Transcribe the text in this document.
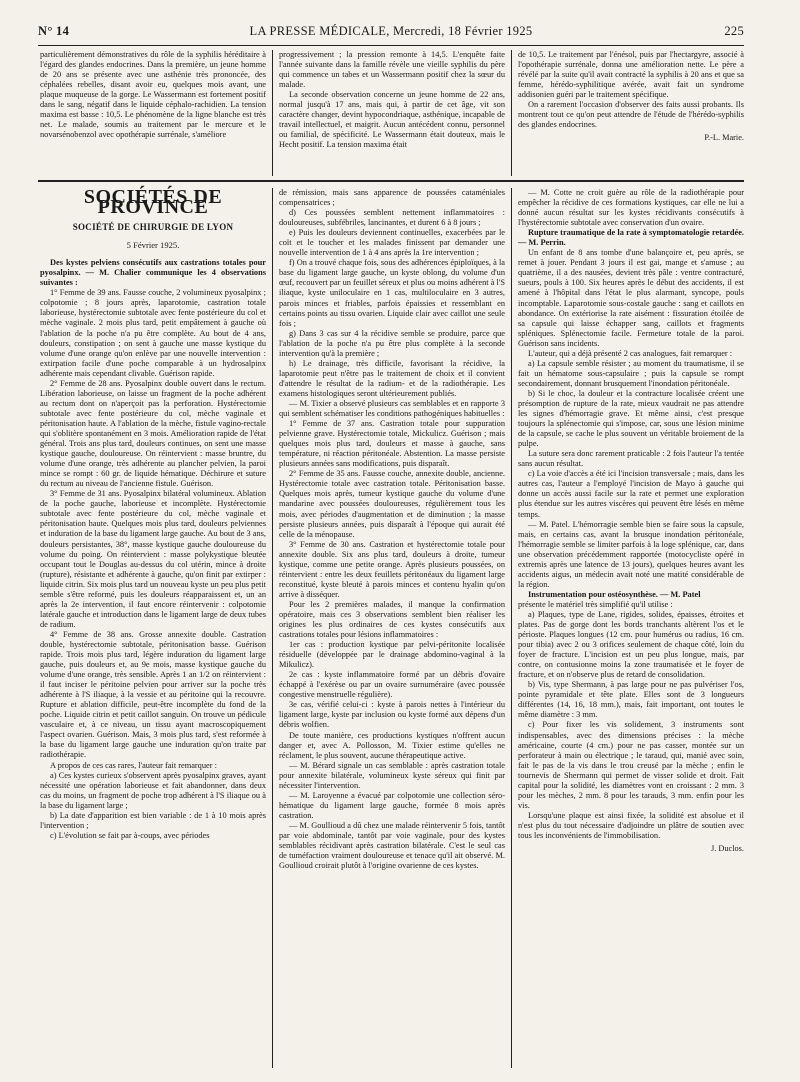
N° 14	LA PRESSE MÉDICALE, Mercredi, 18 Février 1925	225

particulièrement démonstratives du rôle de la syphilis héréditaire à l'égard des glandes endocrines. Dans la première, un jeune homme de 20 ans se présente avec une asthénie très prononcée, des céphalées rebelles, disant avoir eu, quelques mois avant, une plaque muqueuse de la gorge. Le Wassermann est fortement positif dans le sang, négatif dans le liquide céphalo-rachidien. La tension maxima est basse : 10,5. Le phénomène de la ligne blanche est très net. Le malade, soumis au traitement par le mercure et le novarsénobenzol avec opothérapie surrénale, s'améliore

progressivement ; la pression remonte à 14,5. L'enquête faite l'année suivante dans la famille révèle une vieille syphilis du père qui commence un tabes et un Wassermann positif chez la sœur du malade.

La seconde observation concerne un jeune homme de 22 ans, normal jusqu'à 17 ans, mais qui, à partir de cet âge, vit son caractère changer, devint hypocondriaque, asthénique, incapable de travail intellectuel, et maigrit. Aucun antécédent connu, personnel ou familial, de spécificité. Le Wassermann était douteux, mais le Hecht positif. La tension maxima était

de 10,5. Le traitement par l'énésol, puis par l'hectargyre, associé à l'opothérapie surrénale, donna une amélioration nette. Le père a révélé par la suite qu'il avait contracté la syphilis à 20 ans et que sa femme, hérédo-syphilitique avérée, avait fait un syndrome addisonien guéri par le traitement spécifique.

On a rarement l'occasion d'observer des faits aussi probants. Ils montrent tout ce qu'on peut attendre de l'étude de l'hérédo-syphilis des glandes endocrines.

P.-L. Marie.
SOCIÉTÉS DE PROVINCE
SOCIÉTÉ DE CHIRURGIE DE LYON
5 Février 1925.

Des kystes pelviens consécutifs aux castrations totales pour pyosalpinx. — M. Chalier communique les 4 observations suivantes :

1° Femme de 39 ans. Fausse couche, 2 volumineux pyosalpinx ; colpotomie ; 8 jours après, laparotomie, castration totale laborieuse, hystérectomie subtotale avec fente postérieure du col et mèche vaginale. 2 mois plus tard, petit empâtement à gauche où l'ablation de la poche n'a pu être complète. Au bout de 4 ans, douleurs, constipation ; on sent à gauche une masse kystique du volume d'une orange qu'on enlève par une nouvelle intervention : extirpation facile d'une poche comparable à un hydrosalpinx adhérente mais cependant clivable. Guérison rapide.

2° Femme de 28 ans. Pyosalpinx double ouvert dans le rectum. Libération laborieuse, on laisse un fragment de la poche adhérent au rectum dont on n'aperçoit pas la perforation. Hystérectomie subtotale avec fente postérieure du col, mèche vaginale et péritonisation haute. A l'ablation de la mèche, fistule vagino-rectale qui s'oblitère spontanément en 3 mois. Amélioration rapide de l'état général. Trois ans plus tard, douleurs continues, on sent une masse kystique gauche, douloureuse. On réintervient : masse bruntre, du volume d'une orange, très adhérente au plancher pelvien, la paroi mince se rompt : 60 gr. de liquide hématique. Déchirure et suture du rectum au niveau de l'ancienne fistule. Guérison.

3° Femme de 31 ans. Pyosalpinx bilatéral volumineux. Ablation de la poche gauche, laborieuse et incomplète. Hystérectomie subtotale avec fente postérieure du col, mèche vaginale et péritonisation haute. Quelques mois plus tard, douleurs pelviennes et induration de la base du ligament large gauche. Au bout de 3 ans, douleurs persistantes, 38°, masse kystique gauche douloureuse du volume du poing. On réintervient : masse polykystique bleutée occupant tout le Douglas au-dessus du col utérin, mince à droite (rupture), résistante et adhérente à gauche, qu'on finit par extirper : liquide citrin. Six mois plus tard un nouveau kyste un peu plus petit semble s'être reformé, puis les douleurs réapparaissent et, un an après la 2e intervention, il faut encore réintervenir : colpotomie latérale gauche et introduction dans le ligament large de deux tubes de radium.

4° Femme de 38 ans. Grosse annexite double. Castration double, hystérectomie subtotale, péritonisation basse. Guérison rapide. Trois mois plus tard, légère induration du ligament large gauche, puis douleurs et, au 9e mois, masse kystique gauche du volume d'une orange, très sensible. Après 1 an 1/2 on réintervient : il faut inciser le péritoine pelvien pour arriver sur la poche très adhérente à l'S iliaque, à la vessie et au péritoine qui la recouvre. Rupture et ablation difficile, peut-être incomplète du fond de la poche. Liquide citrin et petit caillot sanguin. On trouve un pédicule vasculaire et, à ce niveau, un tissu ayant macroscopiquement l'aspect ovarien. Guérison. Mais, 3 mois plus tard, s'est reformée à la base du ligament large gauche une induration qu'on traite par radiothérapie.

A propos de ces cas rares, l'auteur fait remarquer :

a) Ces kystes curieux s'observent après pyosalpinx graves, ayant nécessité une opération laborieuse et fait abandonner, dans deux cas du moins, un fragment de poche trop adhérent à l'S iliaque ou à la base du ligament large ;

b) La date d'apparition est bien variable : de 1 à 10 mois après l'intervention ;

c) L'évolution se fait par à-coups, avec périodes

de rémission, mais sans apparence de poussées cataméniales compensatrices ;

d) Ces poussées semblent nettement inflammatoires : douloureuses, subfébriles, lancinantes, et durent 6 à 8 jours ;

e) Puis les douleurs deviennent continuelles, exacerbées par le coït et le toucher et les malades finissent par demander une nouvelle intervention de 1 à 4 ans après la 1re intervention ;

f) On a trouvé chaque fois, sous des adhérences épiploïques, à la base du ligament large gauche, un kyste oblong, du volume d'un œuf, recouvert par un feuillet séreux et plus ou moins adhérent à l'S iliaque, kyste uniloculaire en 1 cas, multiloculaire en 3 autres, parois minces et friables, parfois épaissies et ressemblant en certains points au tissu ovarien. Liquide clair avec caillot une seule fois ;

g) Dans 3 cas sur 4 la récidive semble se produire, parce que l'ablation de la poche n'a pu être plus complète à la seconde intervention qu'à la première ;

h) Le drainage, très difficile, favorisant la récidive, la laparotomie peut n'être pas le traitement de choix et il convient d'attendre le résultat de la radium- et de la radiothérapie. Les examens histologiques seront ultérieurement publiés.

— M. Tixier a observé plusieurs cas semblables et en rapporte 3 qui semblent schématiser les conditions pathogéniques habituelles :

1° Femme de 37 ans. Castration totale pour suppuration pelvienne grave. Hystérectomie totale, Mickulicz. Guérison ; mais quelques mois plus tard, douleurs et masse à gauche, sans température, ni réaction péritonéale. Abstention. La masse persiste plusieurs années sans modifications, puis disparaît.

2° Femme de 35 ans. Fausse couche, annexite double, ancienne. Hystérectomie totale avec castration totale. Péritonisation basse. Quelques mois après, tumeur kystique gauche du volume d'une mandarine avec poussées douloureuses, régulièrement tous les mois, avec périodes d'augmentation et de diminution ; la masse persiste plusieurs années, puis disparaît à l'époque qui aurait été celle de la ménopause.

3° Femme de 30 ans. Castration et hystérectomie totale pour annexite double. Six ans plus tard, douleurs à droite, tumeur kystique, comme une petite orange. Après plusieurs poussées, on réintervient : entre les deux feuillets péritonéaux du ligament large reconstitué, kyste bleuté à parois minces et contenu hyalin qu'on arrive à disséquer.

Pour les 2 premières malades, il manque la confirmation opératoire, mais ces 3 observations semblent bien réaliser les origines les plus ordinaires de ces kystes consécutifs aux castrations totales pour lésions inflammatoires :

1er cas : production kystique par pelvi-péritonite localisée résiduelle (développée par le drainage abdomino-vaginal à la Mikulicz).

2e cas : kyste inflammatoire formé par un débris d'ovaire échappé à l'exérèse ou par un ovaire surnuméraire (avec poussée congestive menstruelle régulière).

3e cas, vérifié celui-ci : kyste à parois nettes à l'intérieur du ligament large, kyste par inclusion ou kyste formé aux dépens d'un débris wolfien.

De toute manière, ces productions kystiques n'offrent aucun danger et, avec A. Pollosson, M. Tixier estime qu'elles ne réclament, le plus souvent, aucune thérapeutique active.

— M. Bérard signale un cas semblable : après castration totale pour annexite bilatérale, volumineux kyste séreux qui finit par nécessiter l'intervention.

— M. Laroyenne a évacué par colpotomie une collection séro-hématique du ligament large gauche, formée 8 mois après castration.

— M. Goullioud a dû chez une malade réintervenir 5 fois, tantôt par voie abdominale, tantôt par voie vaginale, pour des kystes semblables récidivant après castration bilatérale. C'est le seul cas de tuméfaction vraiment douloureuse et tenace qu'il ait observé. M. Goullioud croirait plutôt à l'origine ovarienne de ces kystes.

— M. Cotte ne croit guère au rôle de la radiothérapie pour empêcher la récidive de ces formations kystiques, car elle ne lui a donné aucun résultat sur les kystes récidivants consécutifs à l'hystérectomie subtotale avec conservation d'un ovaire.

Rupture traumatique de la rate à symptomatologie retardée. — M. Perrin.

Un enfant de 8 ans tombe d'une balançoire et, peu après, se remet à jouer. Pendant 3 jours il est gai, mange et s'amuse ; au quatrième, il a des nausées, devient très pâle : ventre contracturé, sueurs, pouls à 100. Six heures après le début des accidents, il est amené à l'hôpital dans l'état le plus alarmant, syncope, pouls incomptable. Laparotomie sous-costale gauche : sang et caillots en abondance. On extériorise la rate aisément : fissuration étoilée de sa capsule qui laisse échapper sang, caillots et fragments spléniques. Splénectomie facile. Fermeture totale de la paroi. Guérison sans incidents.

L'auteur, qui a déjà présenté 2 cas analogues, fait remarquer :

a) La capsule semble résister ; au moment du traumatisme, il se fait un hématome sous-capsulaire ; puis la capsule se rompt secondairement, donnant brusquement l'inondation péritonéale.

b) Si le choc, la douleur et la contracture localisée créent une présomption de rupture de la rate, mieux vaudrait ne pas attendre les signes d'hémorragie grave. Et même ainsi, c'est presque toujours la splénectomie qui s'impose, car, sous une lésion minime de la capsule, se cache le plus souvent un véritable broiement de la pulpe.

La suture sera donc rarement praticable : 2 fois l'auteur l'a tentée sans aucun résultat.

c) La voie d'accès a été ici l'incision transversale ; mais, dans les autres cas, l'auteur a l'employé l'incision de Mayo à gauche qui donne un accès aussi facile sur la rate et permet une exploration plus étendue sur les autres viscères qui peuvent être lésés en même temps.

— M. Patel. L'hémorragie semble bien se faire sous la capsule, mais, en certains cas, avant la brusque inondation péritonéale, l'hémorragie semble se limiter parfois à la loge splénique, car, dans une observation précédemment rapportée (motocycliste opéré in extremis après une latence de 13 jours), quelques heures avant les accidents aigus, un médecin avait noté une matité considérable de la région.

Instrumentation pour ostéosynthèse. — M. Patel

présente le matériel très simplifié qu'il utilise :

a) Plaques, type de Lane, rigides, solides, épaisses, étroites et plates. Pas de gorge dont les bords tranchants altèrent l'os et le périoste. Plaques longues (12 cm. pour humérus ou radius, 16 cm. pour tibia) avec 2 ou 3 orifices seulement de chaque côté, loin du foyer de fracture. L'incision est un peu plus longue, mais, par contre, on contusionne moins la zone traumatisée et le foyer de fracture, et on n'observe plus de retard de consolidation.

b) Vis, type Shermann, à pas large pour ne pas pulvériser l'os, pointe pyramidale et tête plate. Elles sont de 3 longueurs différentes (14, 16, 18 mm.), mais, fait important, ont toutes le même diamètre : 3 mm.

c) Pour fixer les vis solidement, 3 instruments sont indispensables, avec des dimensions précises : la mèche américaine, courte (4 cm.) pour ne pas casser, montée sur un perforateur à main ou électrique ; le taraud, qui, manié avec soin, fait le pas de la vis dans le trou creusé par la mèche ; enfin le tournevis de Shermann qui permet de visser solide et droit. Fait capital pour la solidité, les diamètres vont en croissant : 2 mm. 3 pour les mèches, 2 mm. 8 pour les tarauds, 3 mm. enfin pour les vis.

Lorsqu'une plaque est ainsi fixée, la solidité est absolue et il n'est plus du tout nécessaire d'adjoindre un plâtre de soutien avec tous les inconvénients de l'immobilisation.

J. Duclos.
